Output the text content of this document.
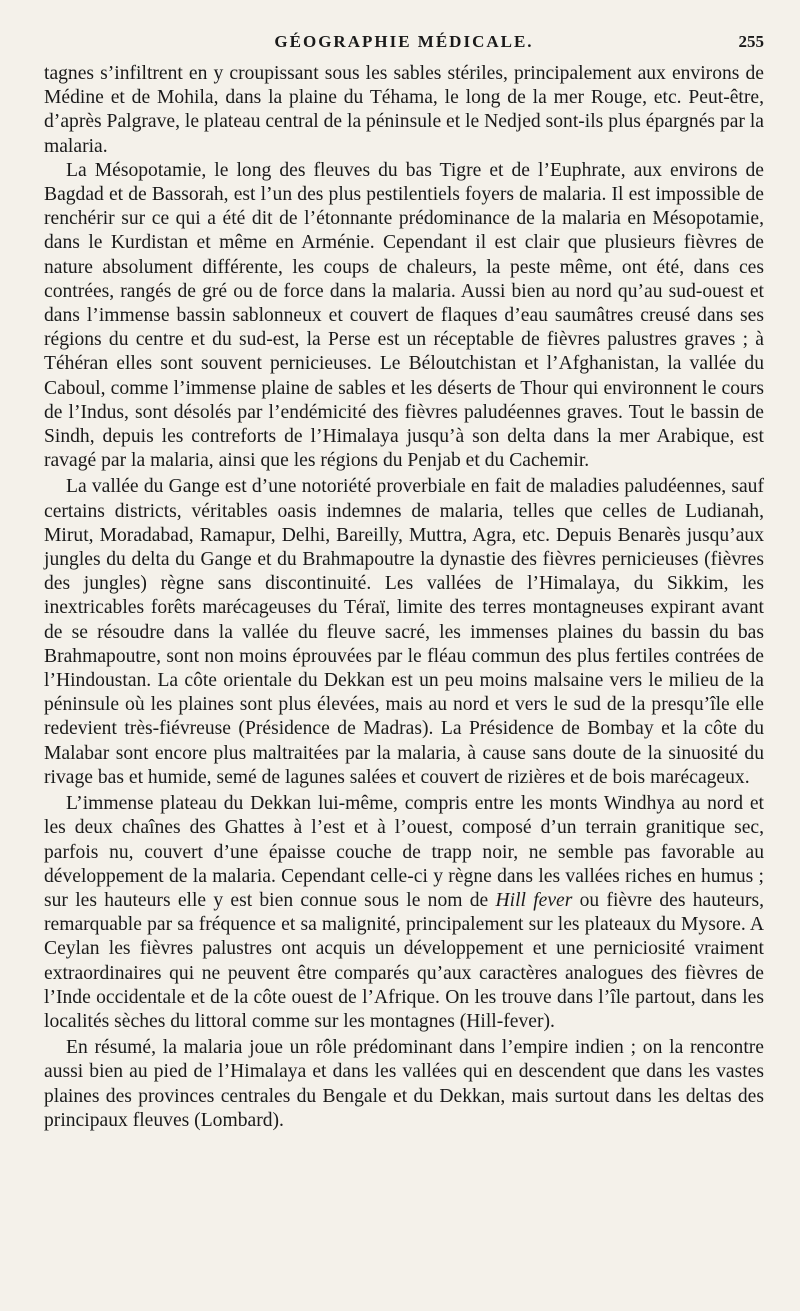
GÉOGRAPHIE MÉDICALE.	255

tagnes s’infiltrent en y croupissant sous les sables stériles, principalement aux environs de Médine et de Mohila, dans la plaine du Téhama, le long de la mer Rouge, etc. Peut-être, d’après Palgrave, le plateau central de la péninsule et le Nedjed sont-ils plus épargnés par la malaria.

La Mésopotamie, le long des fleuves du bas Tigre et de l’Euphrate, aux environs de Bagdad et de Bassorah, est l’un des plus pestilentiels foyers de malaria. Il est impossible de renchérir sur ce qui a été dit de l’étonnante prédominance de la malaria en Mésopotamie, dans le Kurdistan et même en Arménie. Cependant il est clair que plusieurs fièvres de nature absolument différente, les coups de chaleurs, la peste même, ont été, dans ces contrées, rangés de gré ou de force dans la malaria. Aussi bien au nord qu’au sud-ouest et dans l’immense bassin sablonneux et couvert de flaques d’eau saumâtres creusé dans ses régions du centre et du sud-est, la Perse est un réceptable de fièvres palustres graves ; à Téhéran elles sont souvent pernicieuses. Le Béloutchistan et l’Afghanistan, la vallée du Caboul, comme l’immense plaine de sables et les déserts de Thour qui environnent le cours de l’Indus, sont désolés par l’endémicité des fièvres paludéennes graves. Tout le bassin de Sindh, depuis les contreforts de l’Himalaya jusqu’à son delta dans la mer Arabique, est ravagé par la malaria, ainsi que les régions du Penjab et du Cachemir.

La vallée du Gange est d’une notoriété proverbiale en fait de maladies paludéennes, sauf certains districts, véritables oasis indemnes de malaria, telles que celles de Ludianah, Mirut, Moradabad, Ramapur, Delhi, Bareilly, Muttra, Agra, etc. Depuis Benarès jusqu’aux jungles du delta du Gange et du Brahmapoutre la dynastie des fièvres pernicieuses (fièvres des jungles) règne sans discontinuité. Les vallées de l’Himalaya, du Sikkim, les inextricables forêts marécageuses du Téraï, limite des terres montagneuses expirant avant de se résoudre dans la vallée du fleuve sacré, les immenses plaines du bassin du bas Brahmapoutre, sont non moins éprouvées par le fléau commun des plus fertiles contrées de l’Hindoustan. La côte orientale du Dekkan est un peu moins malsaine vers le milieu de la péninsule où les plaines sont plus élevées, mais au nord et vers le sud de la presqu’île elle redevient très-fiévreuse (Présidence de Madras). La Présidence de Bombay et la côte du Malabar sont encore plus maltraitées par la malaria, à cause sans doute de la sinuosité du rivage bas et humide, semé de lagunes salées et couvert de rizières et de bois marécageux.

L’immense plateau du Dekkan lui-même, compris entre les monts Windhya au nord et les deux chaînes des Ghattes à l’est et à l’ouest, composé d’un terrain granitique sec, parfois nu, couvert d’une épaisse couche de trapp noir, ne semble pas favorable au développement de la malaria. Cependant celle-ci y règne dans les vallées riches en humus ; sur les hauteurs elle y est bien connue sous le nom de Hill fever ou fièvre des hauteurs, remarquable par sa fréquence et sa malignité, principalement sur les plateaux du Mysore. A Ceylan les fièvres palustres ont acquis un développement et une perniciosité vraiment extraordinaires qui ne peuvent être comparés qu’aux caractères analogues des fièvres de l’Inde occidentale et de la côte ouest de l’Afrique. On les trouve dans l’île partout, dans les localités sèches du littoral comme sur les montagnes (Hill-fever).

En résumé, la malaria joue un rôle prédominant dans l’empire indien ; on la rencontre aussi bien au pied de l’Himalaya et dans les vallées qui en descendent que dans les vastes plaines des provinces centrales du Bengale et du Dekkan, mais surtout dans les deltas des principaux fleuves (Lombard).
